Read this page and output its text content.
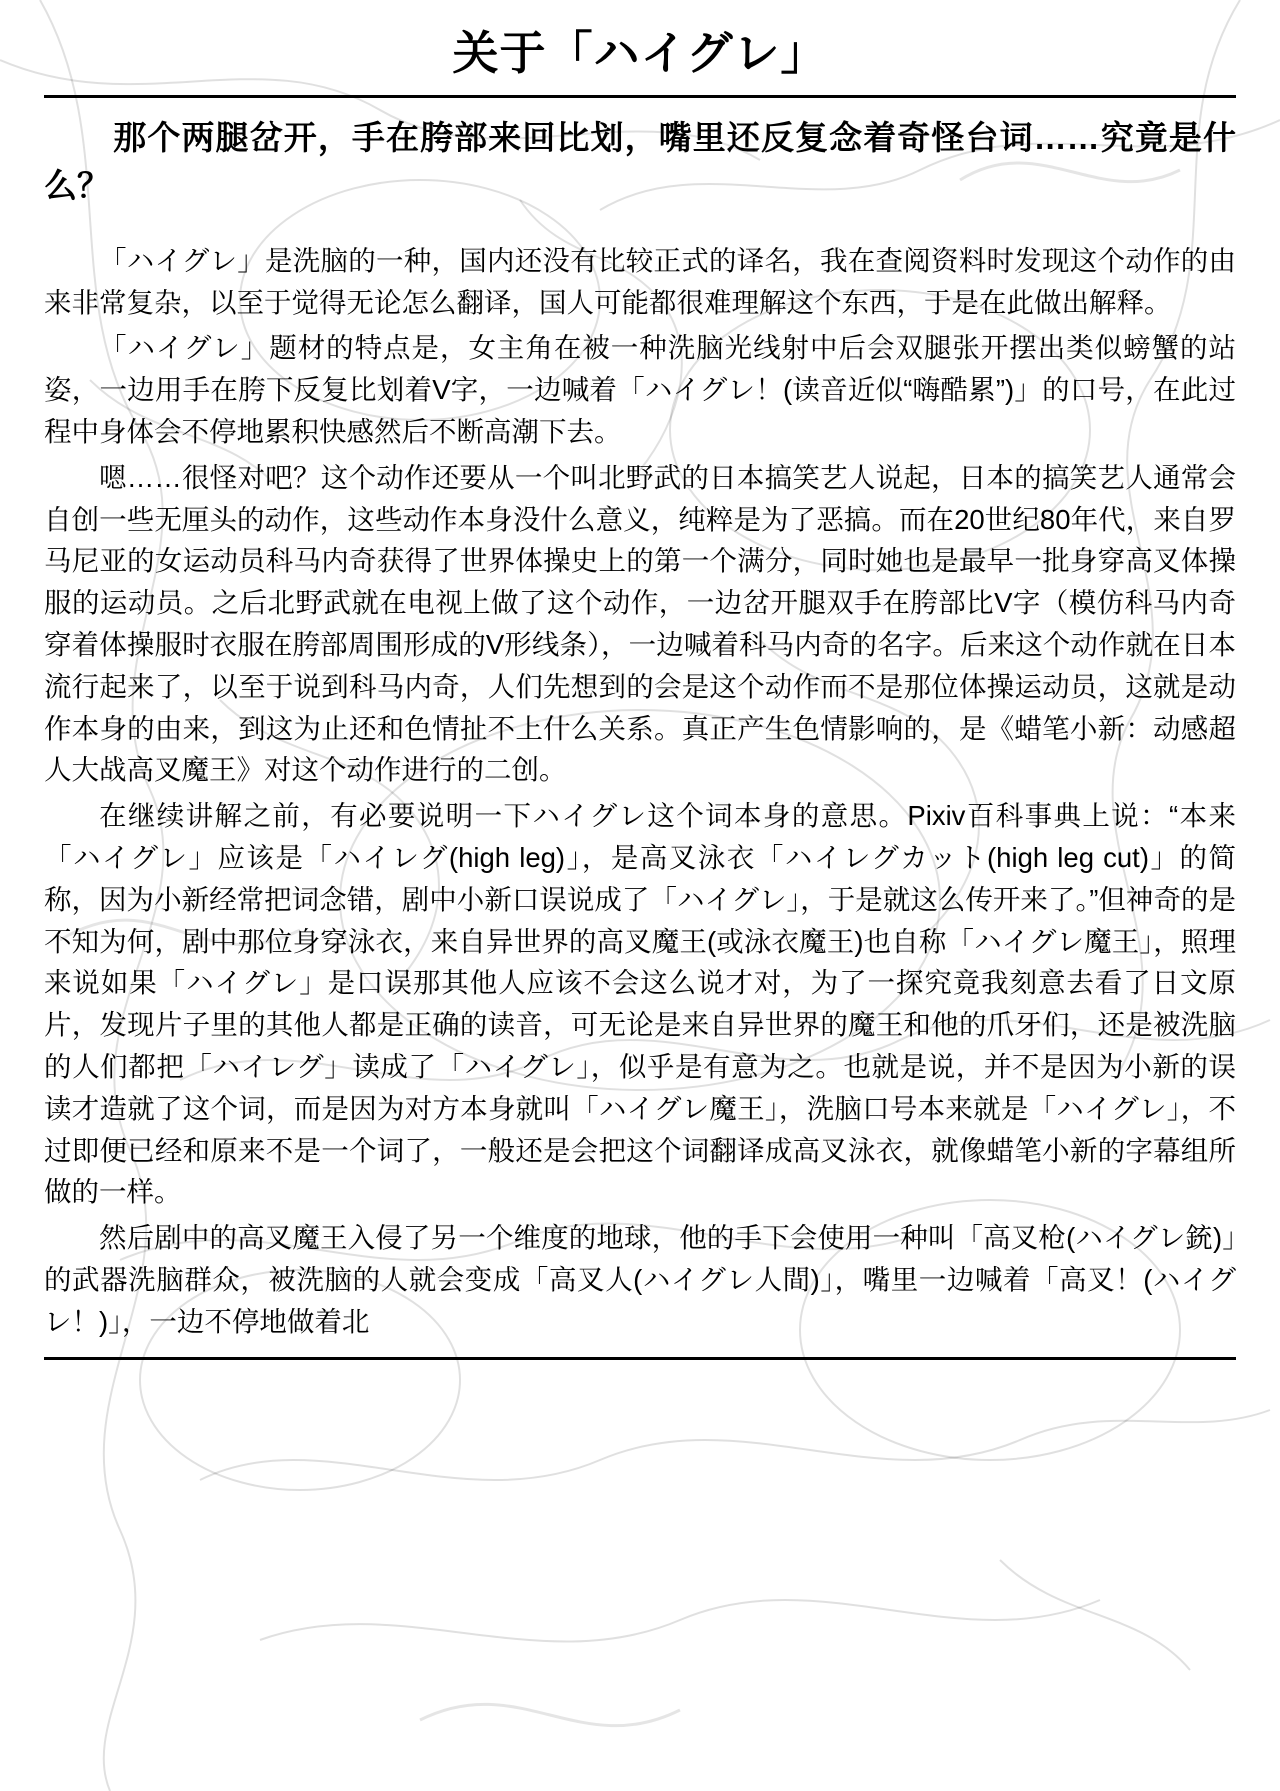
关于「ハイグレ」
那个两腿岔开，手在胯部来回比划，嘴里还反复念着奇怪台词……究竟是什么？

「ハイグレ」是洗脑的一种，国内还没有比较正式的译名，我在查阅资料时发现这个动作的由来非常复杂，以至于觉得无论怎么翻译，国人可能都很难理解这个东西，于是在此做出解释。

「ハイグレ」题材的特点是，女主角在被一种洗脑光线射中后会双腿张开摆出类似螃蟹的站姿，一边用手在胯下反复比划着V字，一边喊着「ハイグレ！(读音近似“嗨酷累”)」的口号，在此过程中身体会不停地累积快感然后不断高潮下去。

嗯……很怪对吧？这个动作还要从一个叫北野武的日本搞笑艺人说起，日本的搞笑艺人通常会自创一些无厘头的动作，这些动作本身没什么意义，纯粹是为了恶搞。而在20世纪80年代，来自罗马尼亚的女运动员科马内奇获得了世界体操史上的第一个满分，同时她也是最早一批身穿高叉体操服的运动员。之后北野武就在电视上做了这个动作，一边岔开腿双手在胯部比V字（模仿科马内奇穿着体操服时衣服在胯部周围形成的V形线条），一边喊着科马内奇的名字。后来这个动作就在日本流行起来了，以至于说到科马内奇，人们先想到的会是这个动作而不是那位体操运动员，这就是动作本身的由来，到这为止还和色情扯不上什么关系。真正产生色情影响的，是《蜡笔小新：动感超人大战高叉魔王》对这个动作进行的二创。

在继续讲解之前，有必要说明一下ハイグレ这个词本身的意思。Pixiv百科事典上说：“本来「ハイグレ」应该是「ハイレグ(high leg)」，是高叉泳衣「ハイレグカット(high leg cut)」的简称，因为小新经常把词念错，剧中小新口误说成了「ハイグレ」，于是就这么传开来了。”但神奇的是不知为何，剧中那位身穿泳衣，来自异世界的高叉魔王(或泳衣魔王)也自称「ハイグレ魔王」，照理来说如果「ハイグレ」是口误那其他人应该不会这么说才对，为了一探究竟我刻意去看了日文原片，发现片子里的其他人都是正确的读音，可无论是来自异世界的魔王和他的爪牙们，还是被洗脑的人们都把「ハイレグ」读成了「ハイグレ」，似乎是有意为之。也就是说，并不是因为小新的误读才造就了这个词，而是因为对方本身就叫「ハイグレ魔王」，洗脑口号本来就是「ハイグレ」，不过即便已经和原来不是一个词了，一般还是会把这个词翻译成高叉泳衣，就像蜡笔小新的字幕组所做的一样。

然后剧中的高叉魔王入侵了另一个维度的地球，他的手下会使用一种叫「高叉枪(ハイグレ銃)」的武器洗脑群众，被洗脑的人就会变成「高叉人(ハイグレ人間)」，嘴里一边喊着「高叉！(ハイグレ！)」，一边不停地做着北
